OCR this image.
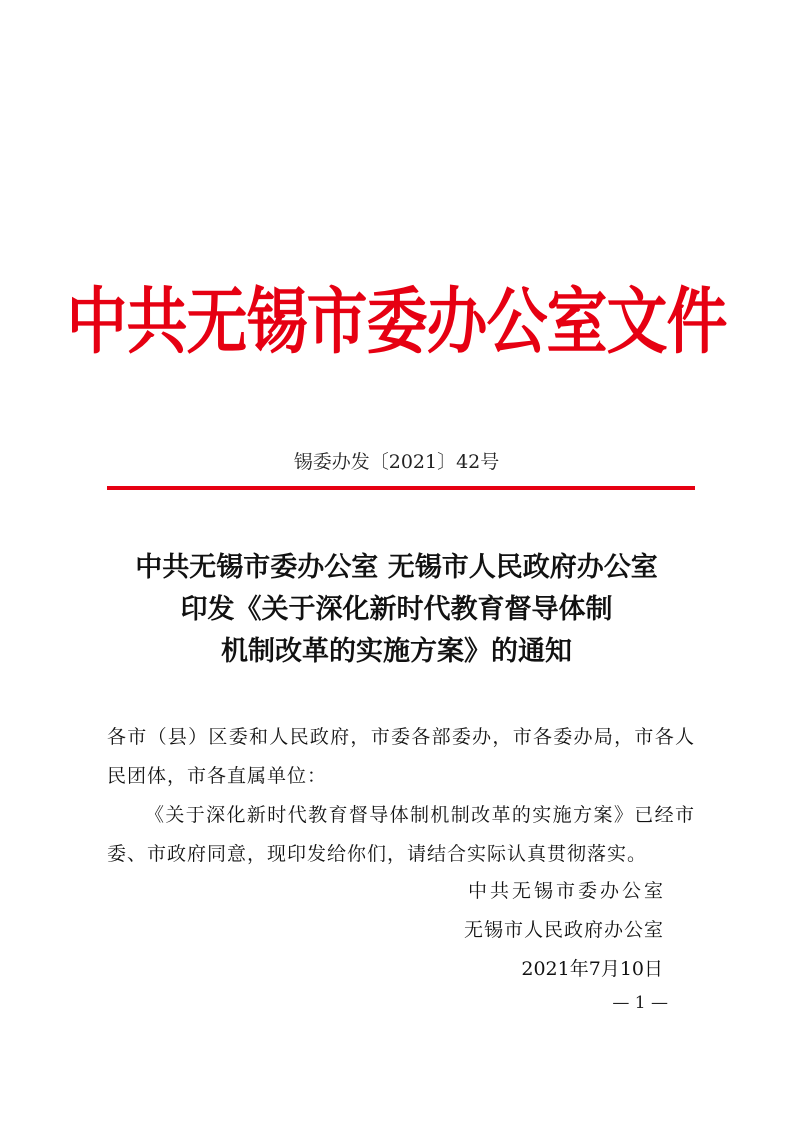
中共无锡市委办公室文件
锡委办发〔2021〕42号
中共无锡市委办公室 无锡市人民政府办公室
印发《关于深化新时代教育督导体制
机制改革的实施方案》的通知

各市（县）区委和人民政府，市委各部委办，市各委办局，市各人民团体，市各直属单位：

《关于深化新时代教育督导体制机制改革的实施方案》已经市委、市政府同意，现印发给你们，请结合实际认真贯彻落实。

中共无锡市委办公室
无锡市人民政府办公室
2021年7月10日
— 1 —
